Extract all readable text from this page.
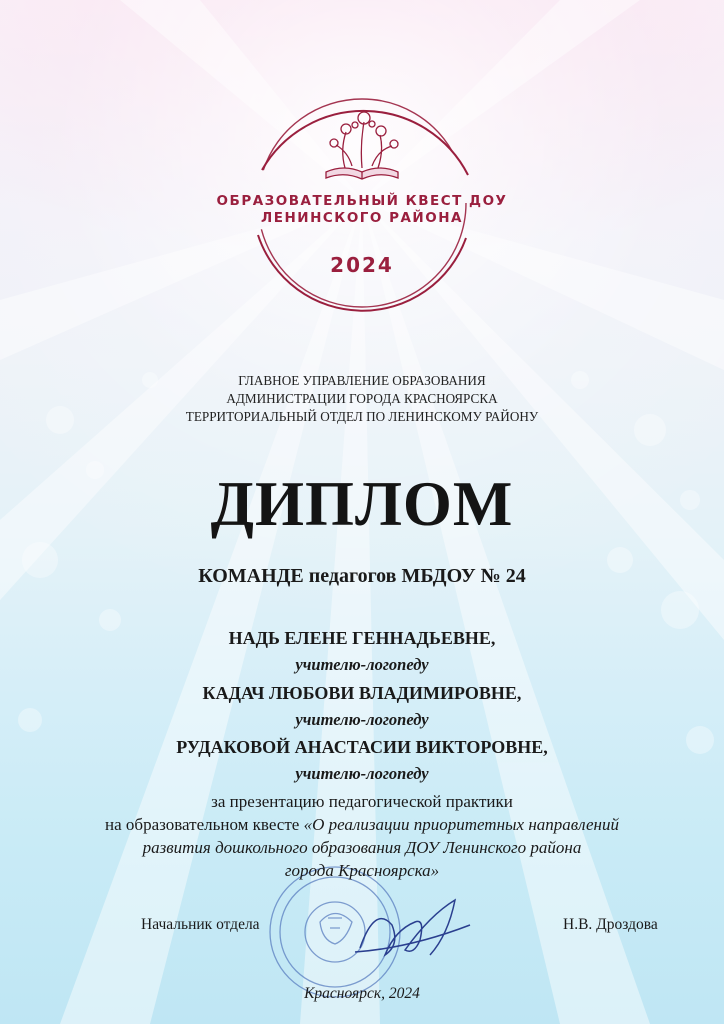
ОБРАЗОВАТЕЛЬНЫЙ КВЕСТ ДОУ
ЛЕНИНСКОГО РАЙОНА
2024
ГЛАВНОЕ УПРАВЛЕНИЕ ОБРАЗОВАНИЯ
АДМИНИСТРАЦИИ ГОРОДА КРАСНОЯРСКА
ТЕРРИТОРИАЛЬНЫЙ ОТДЕЛ ПО ЛЕНИНСКОМУ РАЙОНУ
ДИПЛОМ
КОМАНДЕ педагогов МБДОУ № 24
НАДЬ ЕЛЕНЕ ГЕННАДЬЕВНЕ,
учителю-логопеду
КАДАЧ ЛЮБОВИ ВЛАДИМИРОВНЕ,
учителю-логопеду
РУДАКОВОЙ АНАСТАСИИ ВИКТОРОВНЕ,
учителю-логопеду
за презентацию педагогической практики
на образовательном квесте «О реализации приоритетных направлений
развития дошкольного образования ДОУ Ленинского района
города Красноярска»
Начальник отдела	Н.В. Дроздова
Красноярск, 2024
